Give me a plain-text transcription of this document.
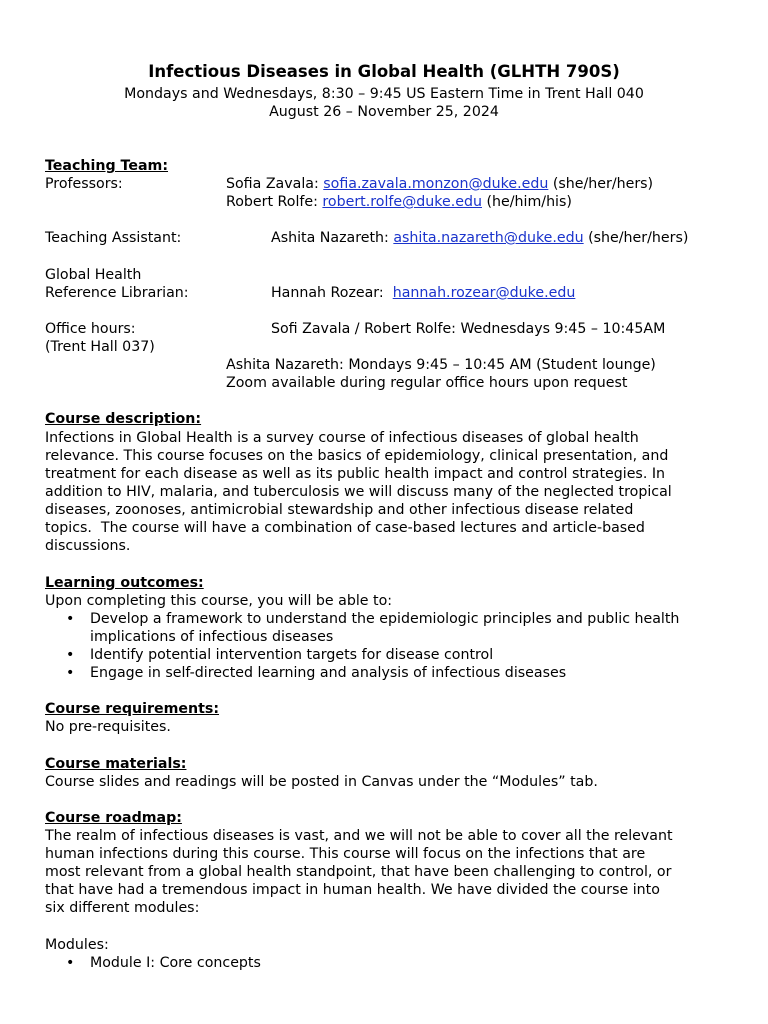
Infectious Diseases in Global Health (GLHTH 790S)
Mondays and Wednesdays, 8:30 – 9:45 US Eastern Time in Trent Hall 040
August 26 – November 25, 2024
Teaching Team:
Professors:	Sofia Zavala: sofia.zavala.monzon@duke.edu (she/her/hers)
Robert Rolfe: robert.rolfe@duke.edu (he/him/his)
Teaching Assistant:	Ashita Nazareth: ashita.nazareth@duke.edu (she/her/hers)
Global Health
Reference Librarian:	Hannah Rozear:  hannah.rozear@duke.edu
Office hours:	Sofi Zavala / Robert Rolfe: Wednesdays 9:45 – 10:45AM
(Trent Hall 037)
Ashita Nazareth: Mondays 9:45 – 10:45 AM (Student lounge)
Zoom available during regular office hours upon request
Course description:
Infections in Global Health is a survey course of infectious diseases of global health
relevance. This course focuses on the basics of epidemiology, clinical presentation, and
treatment for each disease as well as its public health impact and control strategies. In
addition to HIV, malaria, and tuberculosis we will discuss many of the neglected tropical
diseases, zoonoses, antimicrobial stewardship and other infectious disease related
topics.  The course will have a combination of case-based lectures and article-based
discussions.
Learning outcomes:
Upon completing this course, you will be able to:
• Develop a framework to understand the epidemiologic principles and public health
implications of infectious diseases
• Identify potential intervention targets for disease control
• Engage in self-directed learning and analysis of infectious diseases
Course requirements:
No pre-requisites.
Course materials:
Course slides and readings will be posted in Canvas under the “Modules” tab.
Course roadmap:
The realm of infectious diseases is vast, and we will not be able to cover all the relevant
human infections during this course. This course will focus on the infections that are
most relevant from a global health standpoint, that have been challenging to control, or
that have had a tremendous impact in human health. We have divided the course into
six different modules:
Modules:
• Module I: Core concepts
